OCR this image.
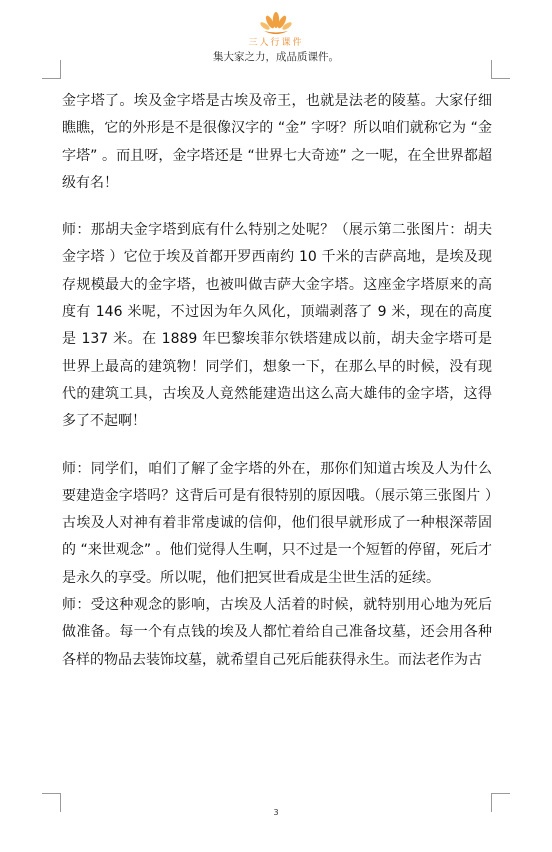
三人行课件
集大家之力，成品质课件。

金字塔了。埃及金字塔是古埃及帝王，也就是法老的陵墓。大家仔细瞧瞧，它的外形是不是很像汉字的 “金” 字呀？所以咱们就称它为 “金字塔” 。而且呀，金字塔还是 “世界七大奇迹” 之一呢，在全世界都超级有名！

师：那胡夫金字塔到底有什么特别之处呢？（展示第二张图片：胡夫金字塔 ）它位于埃及首都开罗西南约 10 千米的吉萨高地，是埃及现存规模最大的金字塔，也被叫做吉萨大金字塔。这座金字塔原来的高度有 146 米呢，不过因为年久风化，顶端剥落了 9 米，现在的高度是 137 米。在 1889 年巴黎埃菲尔铁塔建成以前，胡夫金字塔可是世界上最高的建筑物！同学们，想象一下，在那么早的时候，没有现代的建筑工具，古埃及人竟然能建造出这么高大雄伟的金字塔，这得多了不起啊！

师：同学们，咱们了解了金字塔的外在，那你们知道古埃及人为什么要建造金字塔吗？这背后可是有很特别的原因哦。（展示第三张图片 ）古埃及人对神有着非常虔诚的信仰，他们很早就形成了一种根深蒂固的 “来世观念” 。他们觉得人生啊，只不过是一个短暂的停留，死后才是永久的享受。所以呢，他们把冥世看成是尘世生活的延续。

师：受这种观念的影响，古埃及人活着的时候，就特别用心地为死后做准备。每一个有点钱的埃及人都忙着给自己准备坟墓，还会用各种各样的物品去装饰坟墓，就希望自己死后能获得永生。而法老作为古

3
